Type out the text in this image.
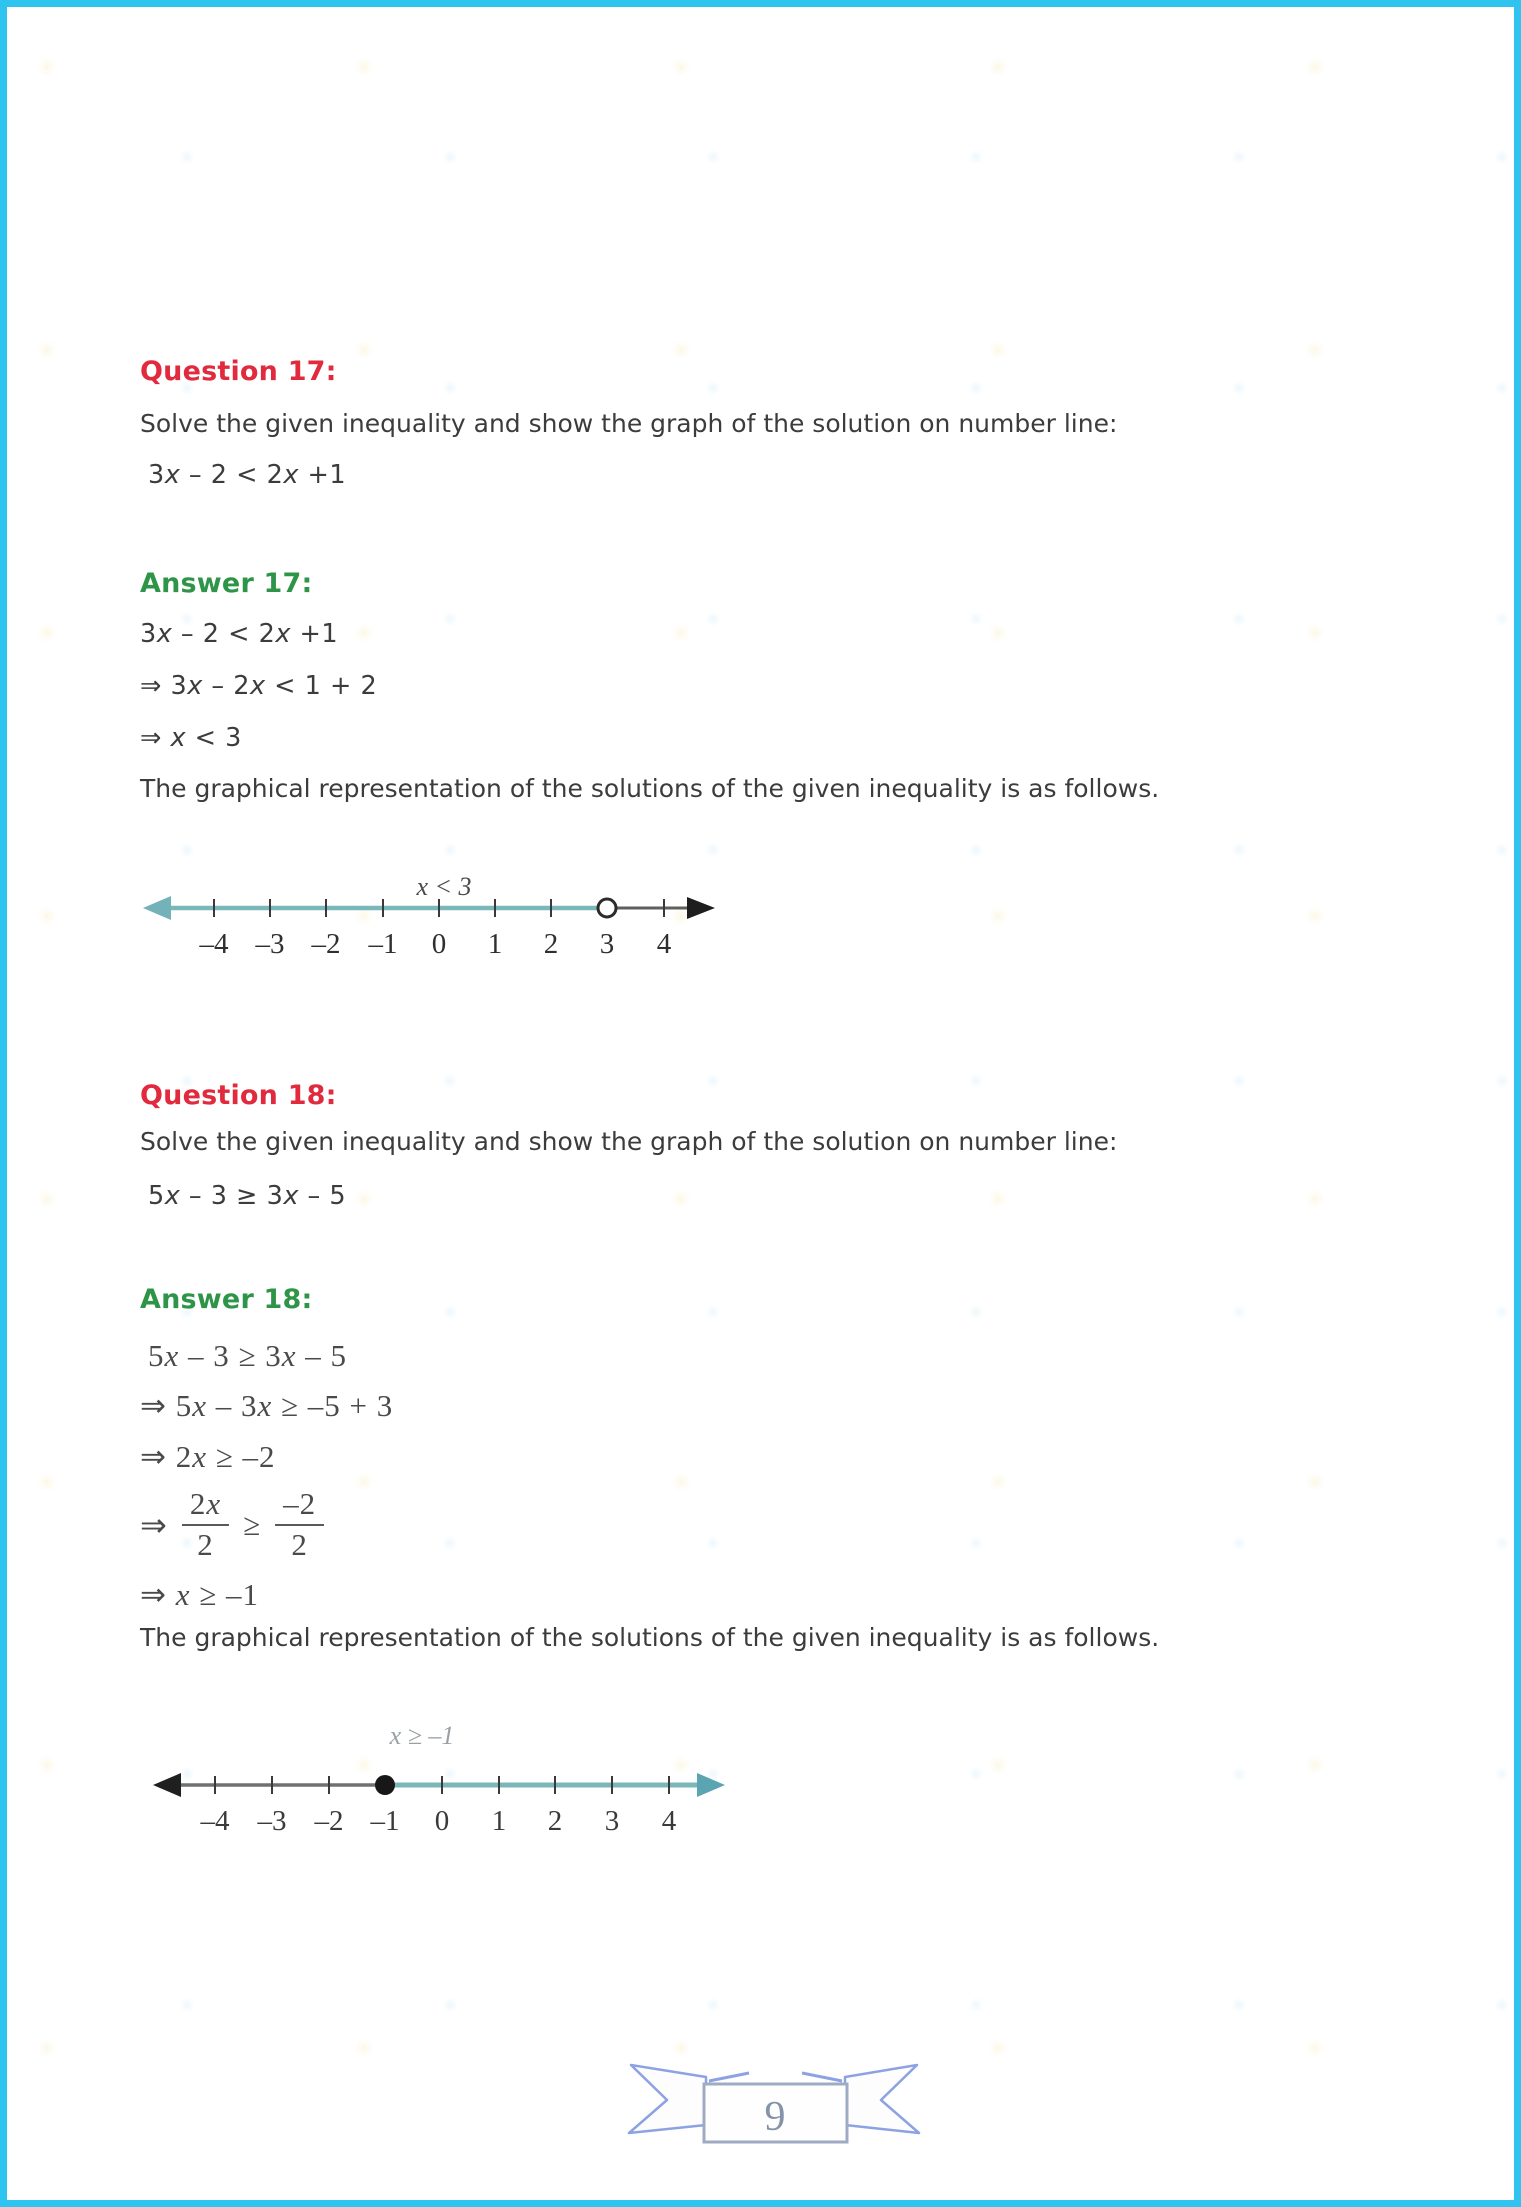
Question 17:
Solve the given inequality and show the graph of the solution on number line:
3x – 2 < 2x +1
Answer 17:
3x – 2 < 2x +1
⇒ 3x – 2x < 1 + 2
⇒ x < 3
The graphical representation of the solutions of the given inequality is as follows.
x < 3
–4 –3 –2 –1 0 1 2 3 4
Question 18:
Solve the given inequality and show the graph of the solution on number line:
5x – 3 ≥ 3x – 5
Answer 18:
5x – 3 ≥ 3x – 5
⇒ 5x – 3x ≥ –5 + 3
⇒ 2x ≥ –2
⇒ $\frac{2x}{2} \ge \frac{-2}{2}$
⇒ x ≥ –1
The graphical representation of the solutions of the given inequality is as follows.
x ≥ –1
–4 –3 –2 –1 0 1 2 3 4
9
